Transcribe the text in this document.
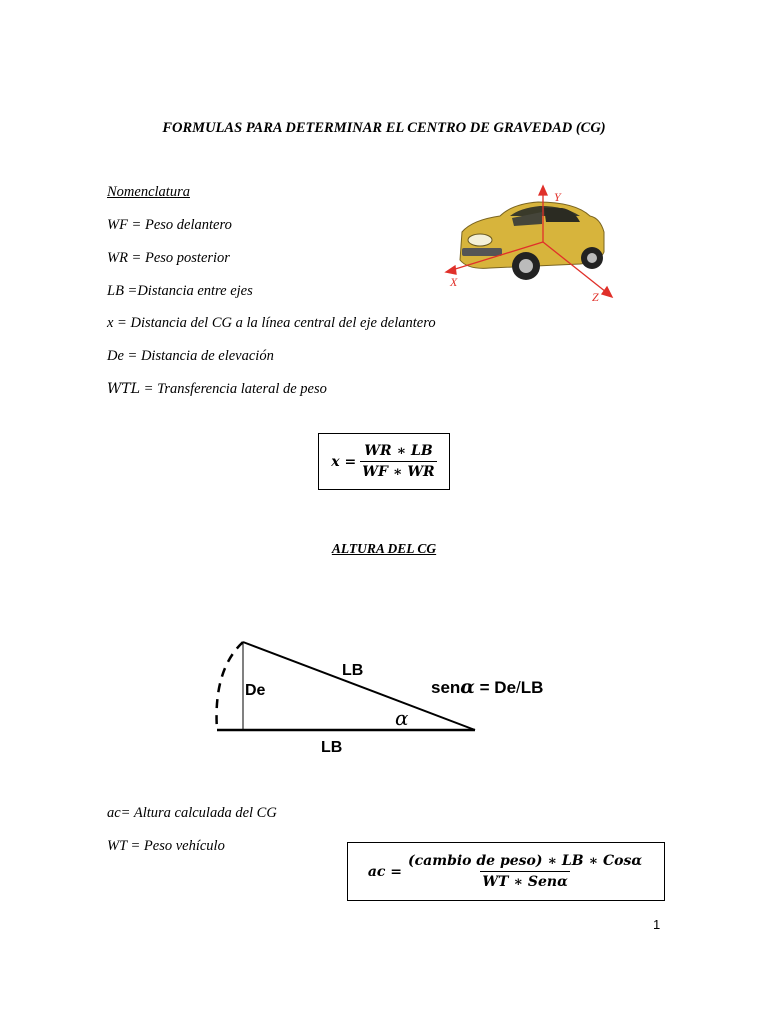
FORMULAS PARA DETERMINAR EL CENTRO DE GRAVEDAD (CG)
Nomenclatura
WF = Peso delantero
WR = Peso posterior
LB =Distancia entre ejes
x = Distancia del CG a la línea central del eje delantero
De = Distancia de elevación
WTL = Transferencia lateral de peso
Y
X
Z
$x = \frac{WR ∗ LB}{WF ∗ WR}$
ALTURA DEL CG
De
LB
LB
α
senα = De/LB
ac= Altura calculada del CG
WT = Peso vehículo
ac = $\frac{\text{(cambio de peso) ∗ LB ∗ Cosα}}{\text{WT ∗ Senα}}$
1
